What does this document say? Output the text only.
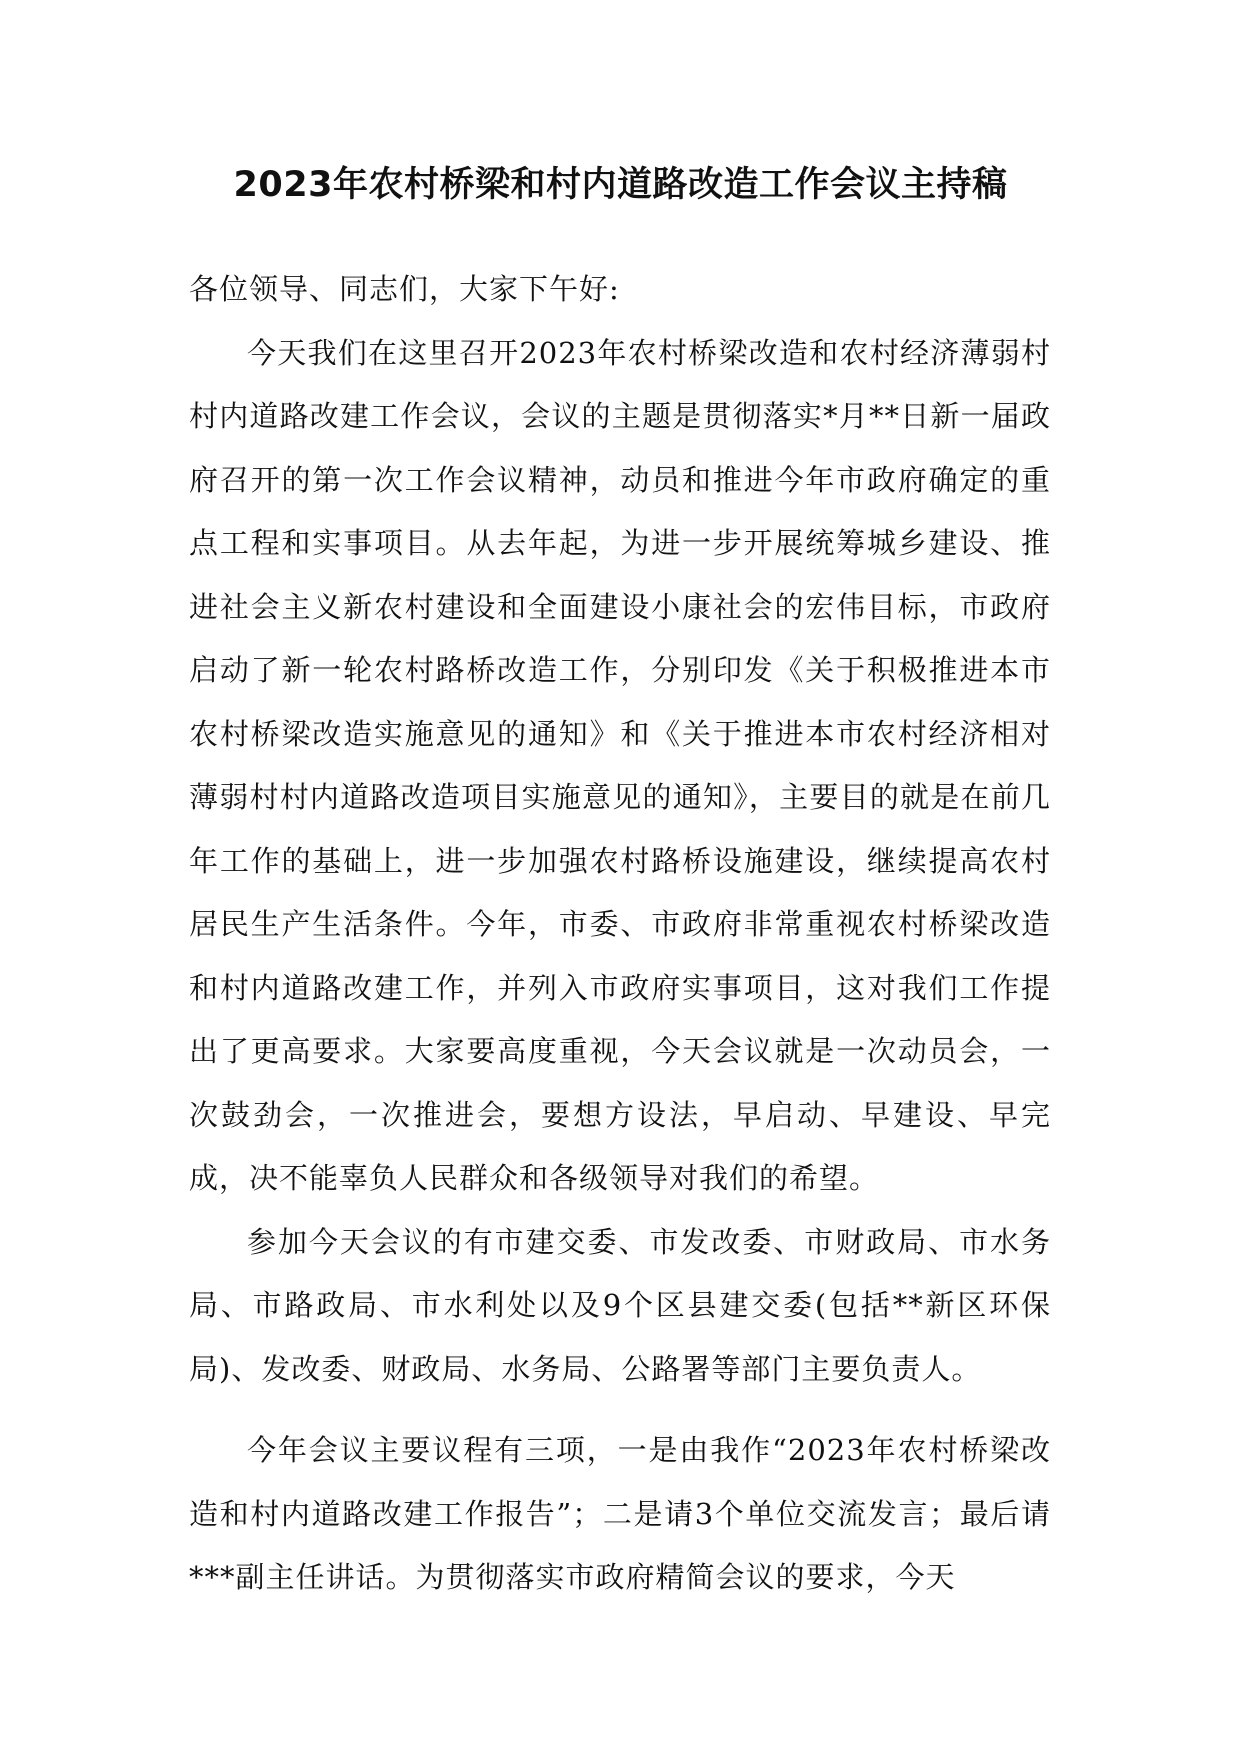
2023年农村桥梁和村内道路改造工作会议主持稿

各位领导、同志们，大家下午好:

今天我们在这里召开2023年农村桥梁改造和农村经济薄弱村村内道路改建工作会议，会议的主题是贯彻落实*月**日新一届政府召开的第一次工作会议精神，动员和推进今年市政府确定的重点工程和实事项目。从去年起，为进一步开展统筹城乡建设、推进社会主义新农村建设和全面建设小康社会的宏伟目标，市政府启动了新一轮农村路桥改造工作，分别印发《关于积极推进本市农村桥梁改造实施意见的通知》和《关于推进本市农村经济相对薄弱村村内道路改造项目实施意见的通知》，主要目的就是在前几年工作的基础上，进一步加强农村路桥设施建设，继续提高农村居民生产生活条件。今年，市委、市政府非常重视农村桥梁改造和村内道路改建工作，并列入市政府实事项目，这对我们工作提出了更高要求。大家要高度重视，今天会议就是一次动员会，一次鼓劲会，一次推进会，要想方设法，早启动、早建设、早完成，决不能辜负人民群众和各级领导对我们的希望。

参加今天会议的有市建交委、市发改委、市财政局、市水务局、市路政局、市水利处以及9个区县建交委(包括**新区环保局)、发改委、财政局、水务局、公路署等部门主要负责人。

今年会议主要议程有三项，一是由我作“2023年农村桥梁改造和村内道路改建工作报告”；二是请3个单位交流发言；最后请***副主任讲话。为贯彻落实市政府精简会议的要求，今天
